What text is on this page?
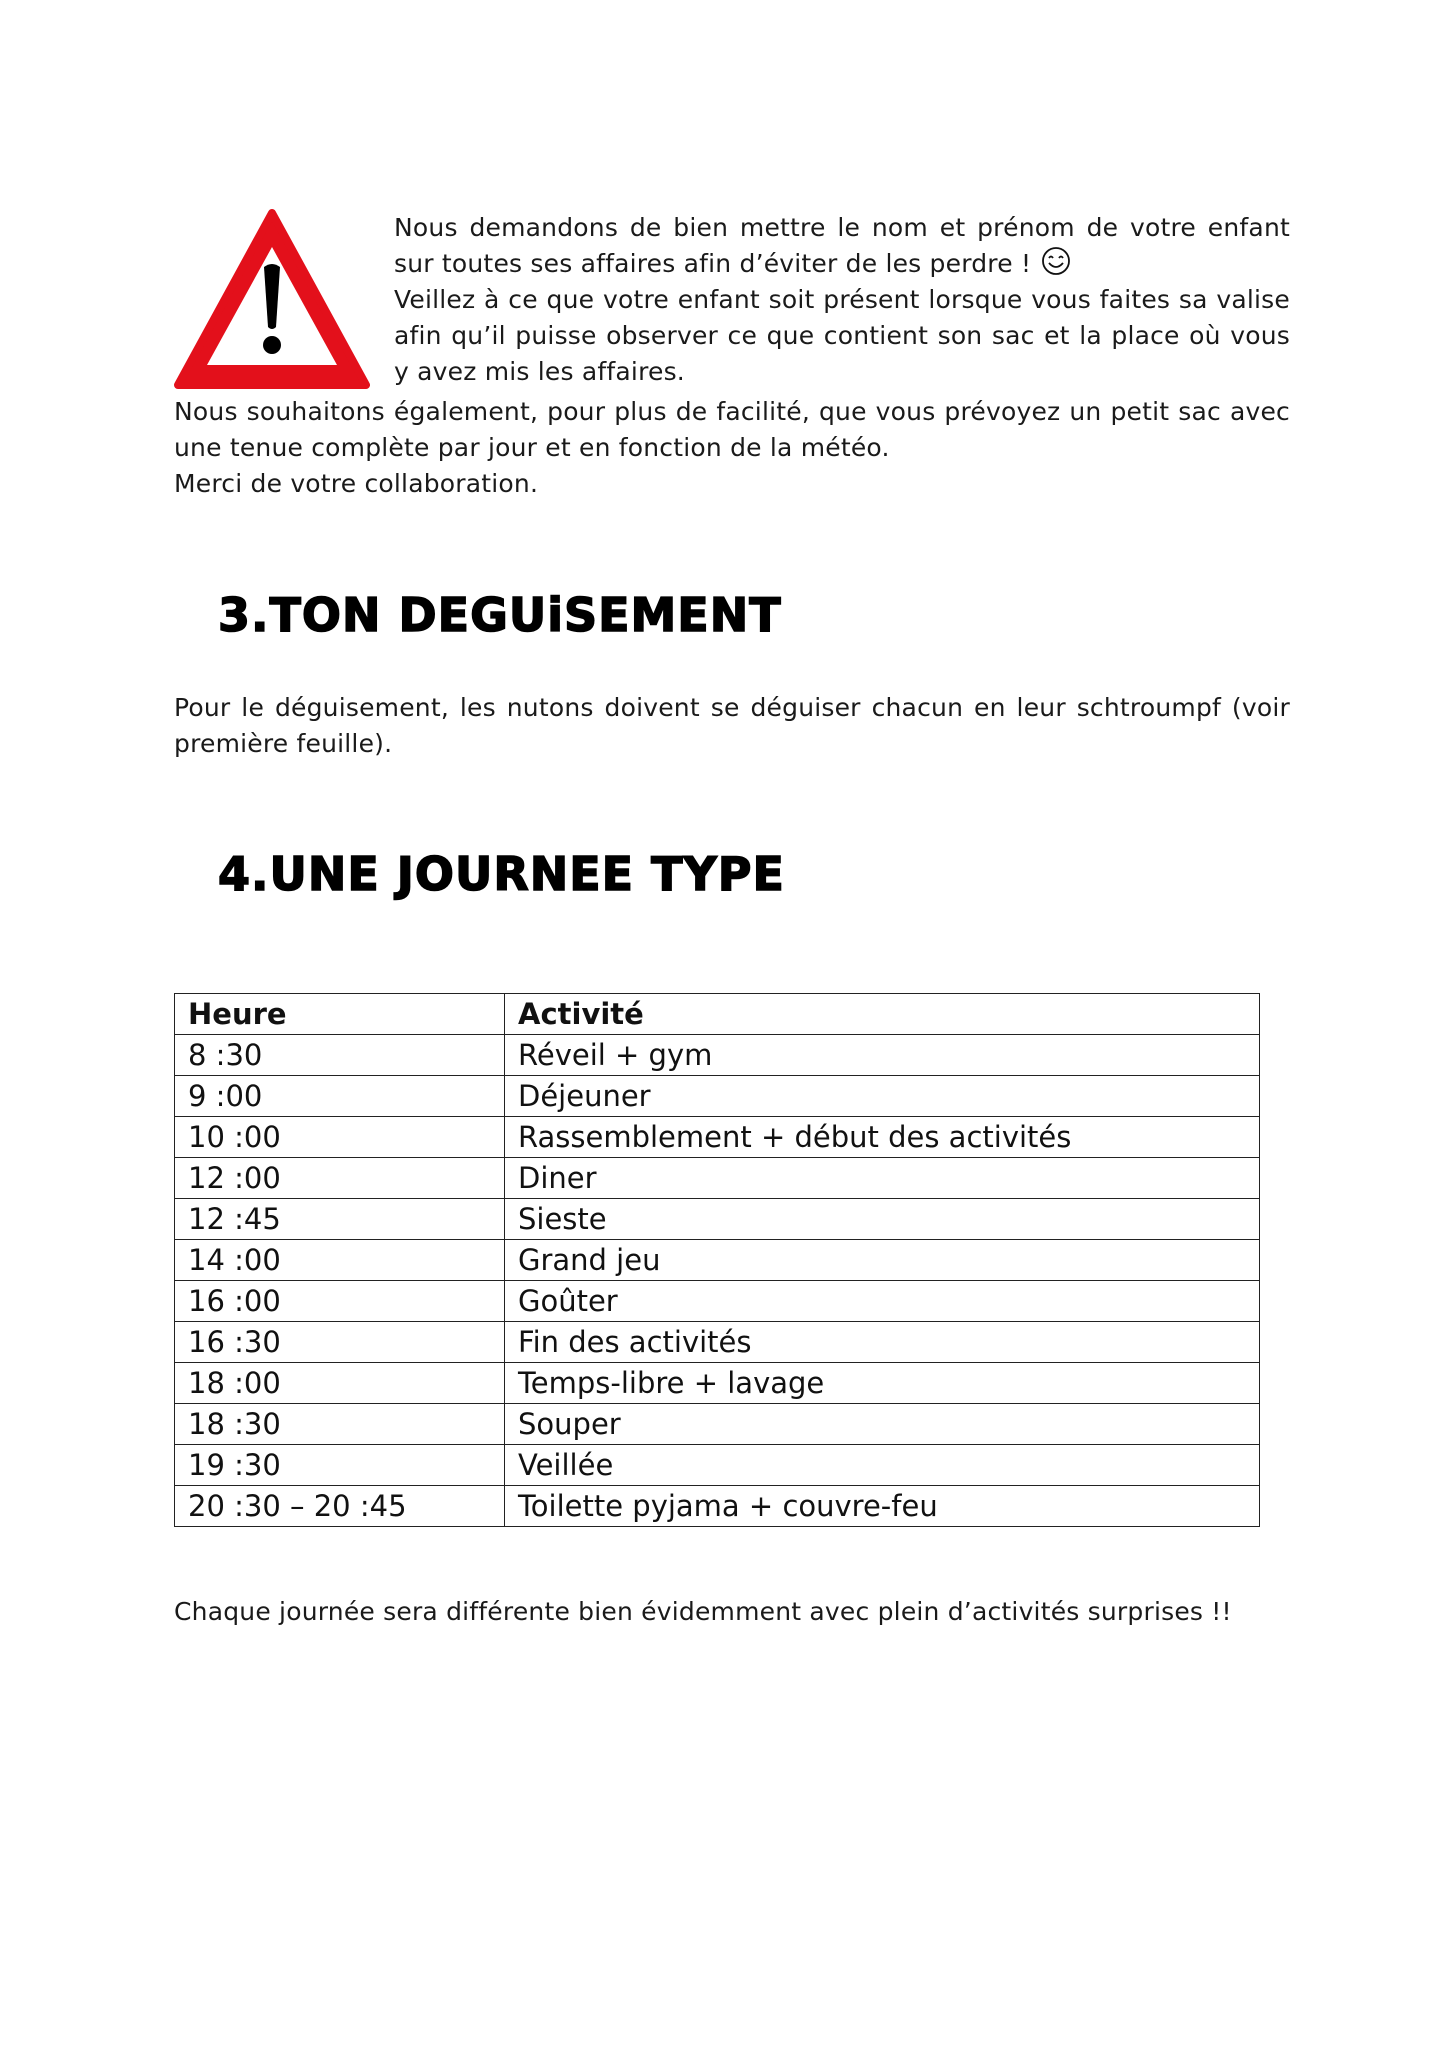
Nous demandons de bien mettre le nom et prénom de votre enfant sur toutes ses affaires afin d’éviter de les perdre !

Veillez à ce que votre enfant soit présent lorsque vous faites sa valise afin qu’il puisse observer ce que contient son sac et la place où vous y avez mis les affaires.

Nous souhaitons également, pour plus de facilité, que vous prévoyez un petit sac avec une tenue complète par jour et en fonction de la météo.

Merci de votre collaboration.

3.TON DEGUiSEMENT

Pour le déguisement, les nutons doivent se déguiser chacun en leur schtroumpf (voir première feuille).

4.UNE JOURNEE TYPE
Heure	Activité
8 :30	Réveil + gym
9 :00	Déjeuner
10 :00	Rassemblement + début des activités
12 :00	Diner
12 :45	Sieste
14 :00	Grand jeu
16 :00	Goûter
16 :30	Fin des activités
18 :00	Temps-libre + lavage
18 :30	Souper
19 :30	Veillée
20 :30 – 20 :45	Toilette pyjama + couvre-feu
Chaque journée sera différente bien évidemment avec plein d’activités surprises !!
